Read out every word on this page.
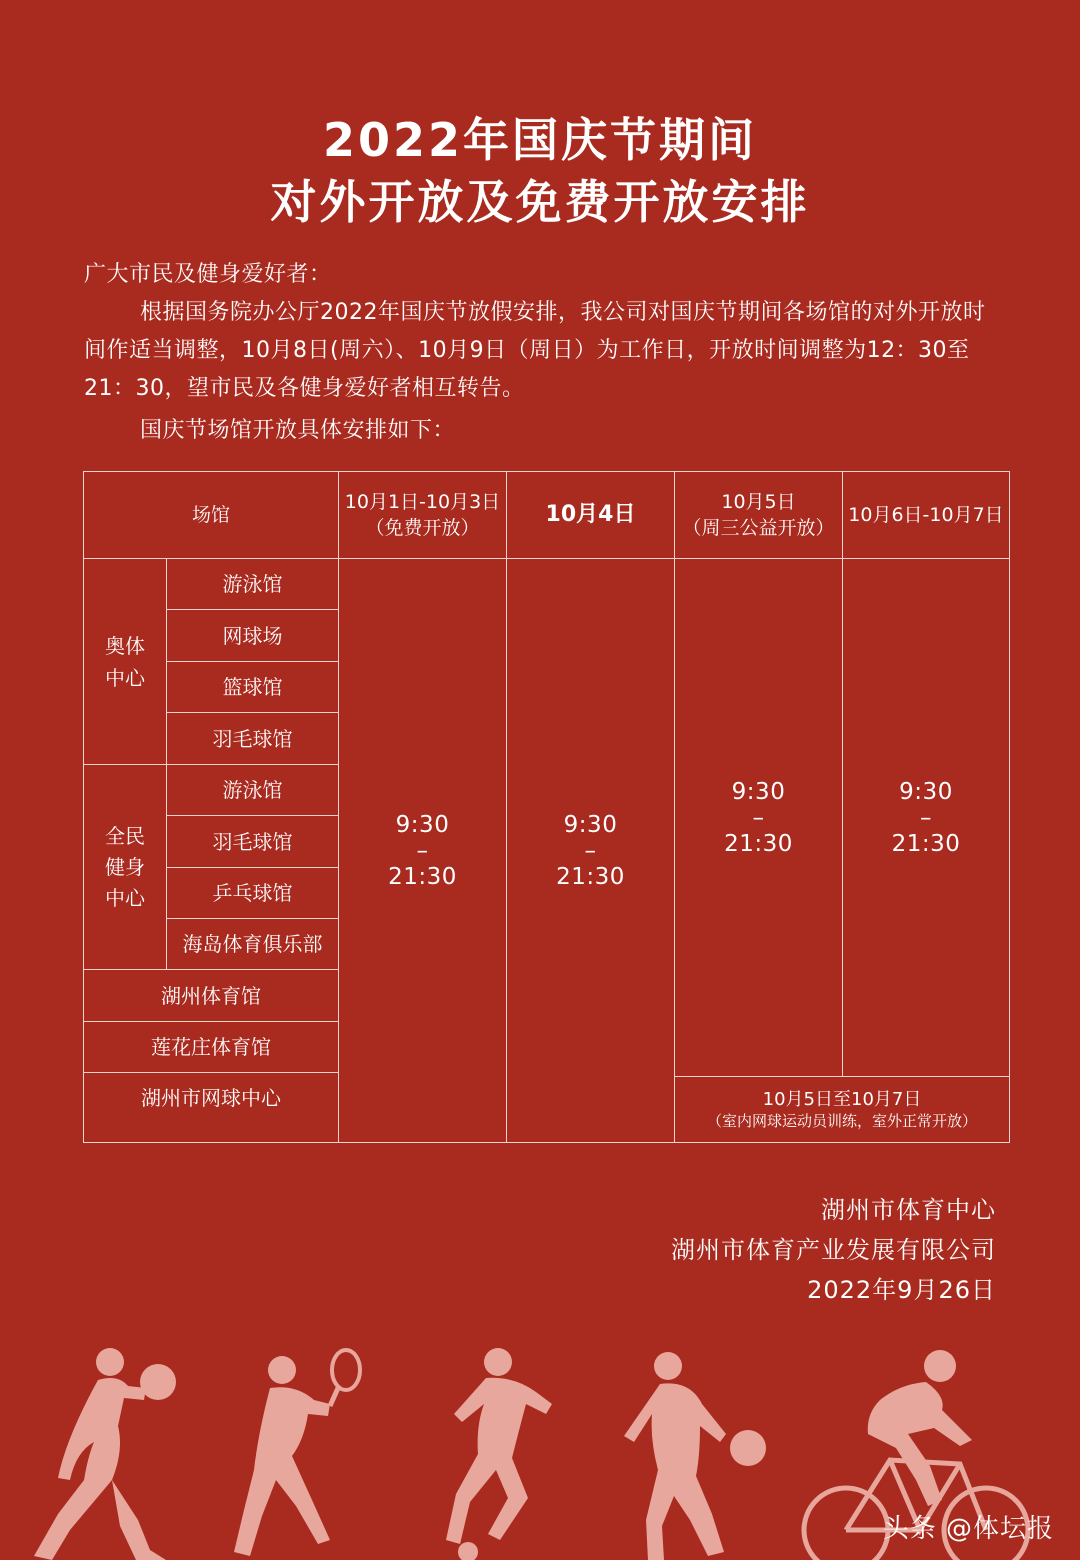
2022年国庆节期间
对外开放及免费开放安排
广大市民及健身爱好者：
根据国务院办公厅2022年国庆节放假安排，我公司对国庆节期间各场馆的对外开放时间作适当调整，10月8日(周六）、10月9日（周日）为工作日，开放时间调整为12：30至21：30，望市民及各健身爱好者相互转告。
国庆节场馆开放具体安排如下：
场馆
10月1日-10月3日
（免费开放）
10月4日	10月5日
（周三公益开放）
10月6日-10月7日
奥体
中心
游泳馆
网球场
篮球馆
羽毛球馆
全民
健身
中心
游泳馆
羽毛球馆
乒乓球馆
海岛体育俱乐部
湖州体育馆
莲花庄体育馆
湖州市网球中心
9:30
–
21:30
9:30
–
21:30
9:30
–
21:30
9:30
–
21:30
10月5日至10月7日
（室内网球运动员训练，室外正常开放）
湖州市体育中心
湖州市体育产业发展有限公司
2022年9月26日
头条 @体坛报
